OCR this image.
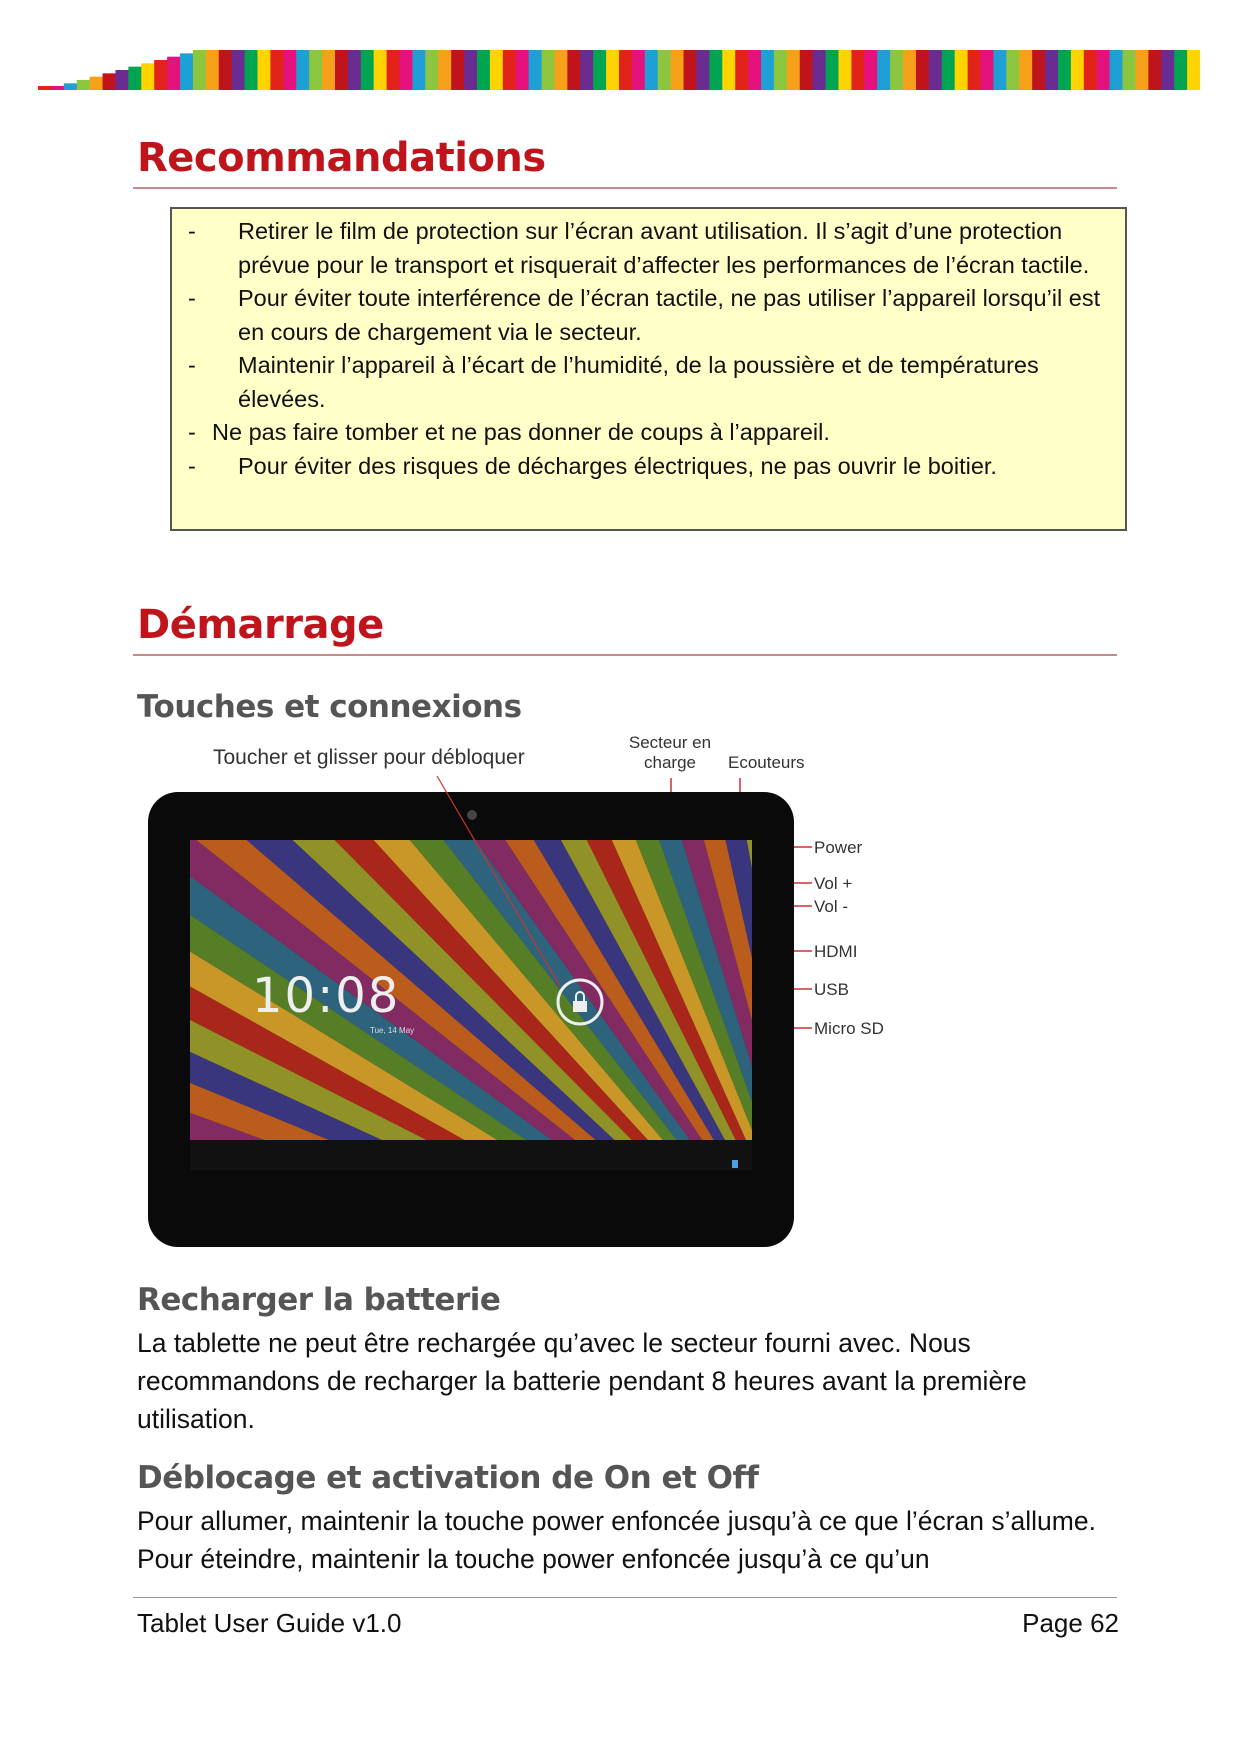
Recommandations
- Retirer le film de protection sur l’écran avant utilisation. Il s’agit d’une protection prévue pour le transport et risquerait d’affecter les performances de l’écran tactile.
- Pour éviter toute interférence de l’écran tactile, ne pas utiliser l’appareil lorsqu’il est en cours de chargement via le secteur.
- Maintenir l’appareil à l’écart de l’humidité, de la poussière et de températures élevées.
- Ne pas faire tomber et ne pas donner de coups à l’appareil.
- Pour éviter des risques de décharges électriques, ne pas ouvrir le boitier.
Démarrage
Touches et connexions
Toucher et glisser pour débloquer
Secteur en
charge Ecouteurs
10:08
Tue, 14 May
Power
Vol +
Vol -
HDMI
USB
Micro SD
Recharger la batterie

La tablette ne peut être rechargée qu’avec le secteur fourni avec. Nous recommandons de recharger la batterie pendant 8 heures avant la première utilisation.

Déblocage et activation de On et Off

Pour allumer, maintenir la touche power enfoncée jusqu’à ce que l’écran s’allume. Pour éteindre, maintenir la touche power enfoncée jusqu’à ce qu’un

Tablet User Guide v1.0	Page 62
